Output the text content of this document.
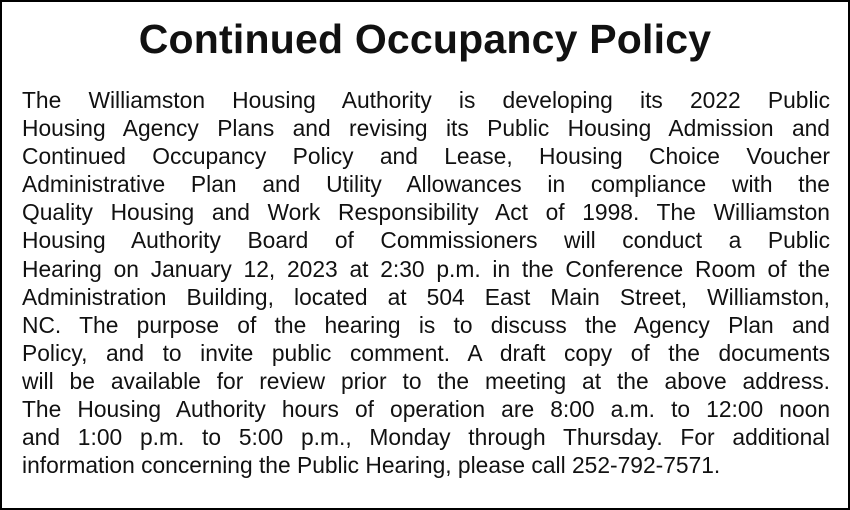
Continued Occupancy Policy

The Williamston Housing Authority is developing its 2022 Public
Housing Agency Plans and revising its Public Housing Admission and
Continued Occupancy Policy and Lease, Housing Choice Voucher
Administrative Plan and Utility Allowances in compliance with the
Quality Housing and Work Responsibility Act of 1998. The Williamston
Housing Authority Board of Commissioners will conduct a Public
Hearing on January 12, 2023 at 2:30 p.m. in the Conference Room of the
Administration Building, located at 504 East Main Street, Williamston,
NC. The purpose of the hearing is to discuss the Agency Plan and
Policy, and to invite public comment. A draft copy of the documents
will be available for review prior to the meeting at the above address.
The Housing Authority hours of operation are 8:00 a.m. to 12:00 noon
and 1:00 p.m. to 5:00 p.m., Monday through Thursday. For additional
information concerning the Public Hearing, please call 252-792-7571.
